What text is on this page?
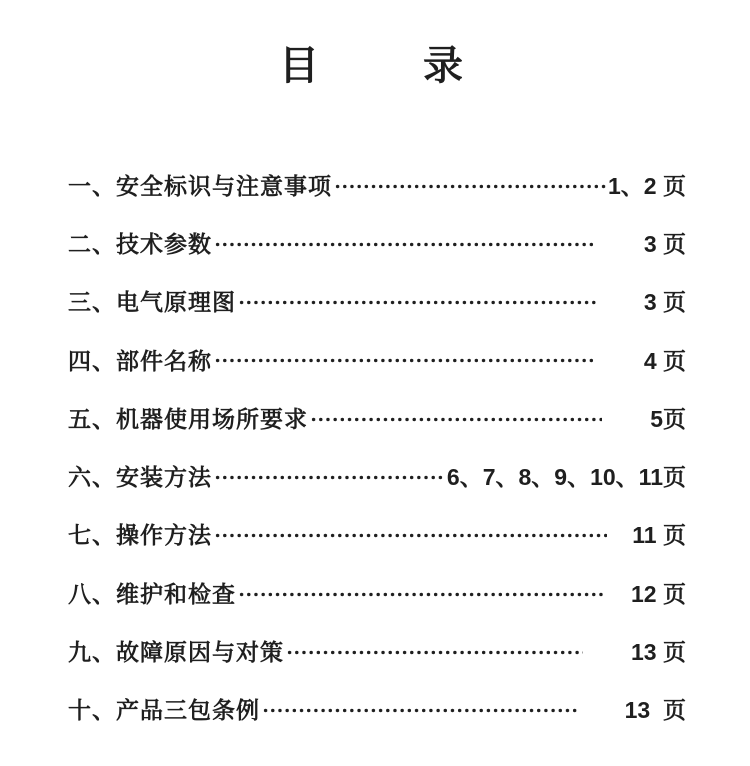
目　　录
一、安全标识与注意事项	1、2 页
二、技术参数	　　3 页
三、电气原理图	　　3 页
四、部件名称	　　4 页
五、机器使用场所要求	　　5页
六、安装方法	6、7、8、9、10、11页
七、操作方法	　11 页
八、维护和检查	　12 页
九、故障原因与对策	　　13 页
十、产品三包条例	　　13  页
